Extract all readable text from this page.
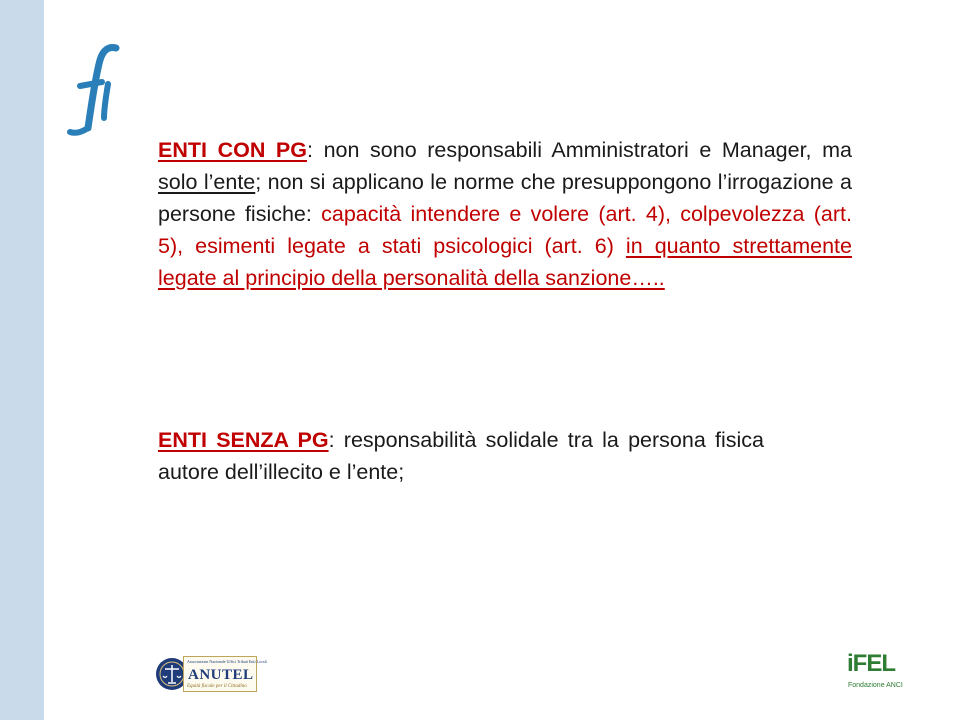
ENTI CON PG: non sono responsabili Amministratori e Manager, ma solo l’ente; non si applicano le norme che presuppongono l’irrogazione a persone fisiche: capacità intendere e volere (art. 4), colpevolezza (art. 5), esimenti legate a stati psicologici (art. 6) in quanto strettamente legate al principio della personalità della sanzione…..
ENTI SENZA PG: responsabilità solidale tra la persona fisica autore dell’illecito e l’ente;
Associazione Nazionale Uffici Tributi Enti Locali
ANUTEL
Equità fiscale per il Cittadino
iFEL
Fondazione ANCI
